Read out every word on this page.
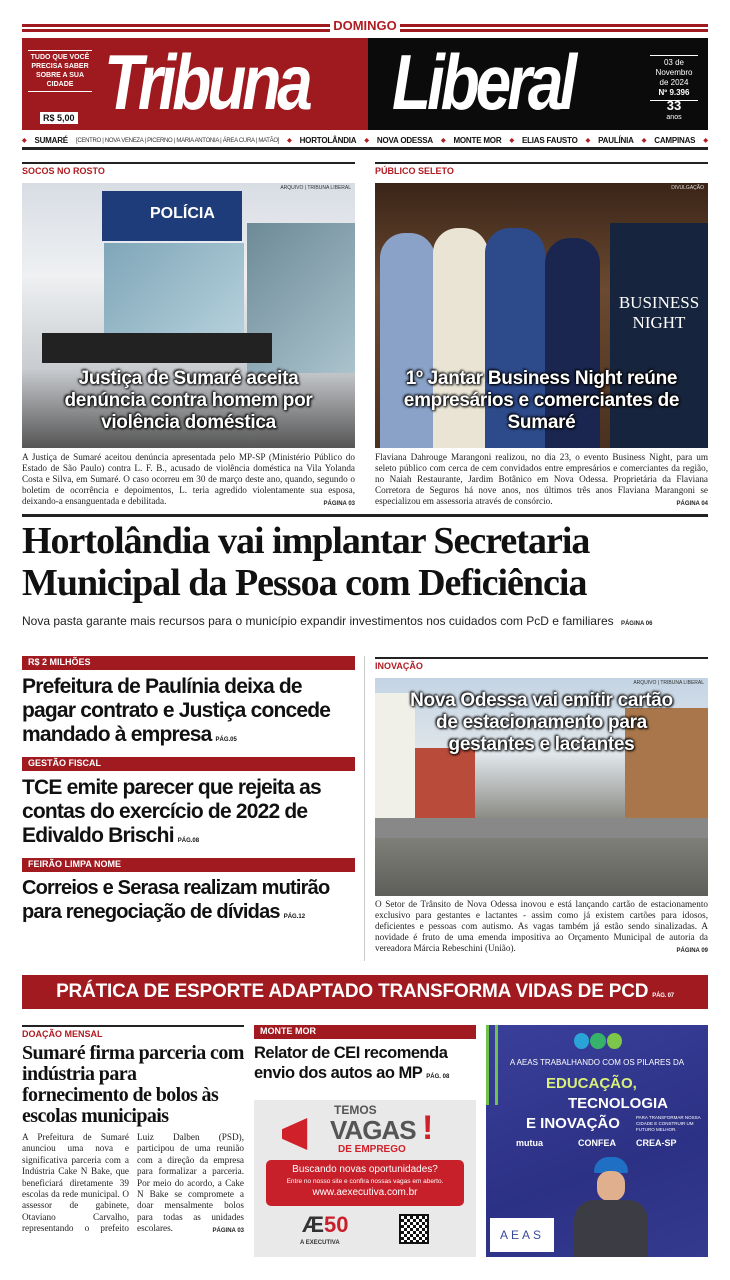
DOMINGO
Tribuna Liberal
TUDO QUE VOCÊ PRECISA SABER SOBRE A SUA CIDADE
R$ 5,00
03 de Novembro de 2024
Nº 9.396
33
anos
◆ SUMARÉ [CENTRO | NOVA VENEZA | PICERNO | MARIA ANTONIA | ÁREA CURA | MATÃO] ◆ HORTOLÂNDIA ◆ NOVA ODESSA ◆ MONTE MOR ◆ ELIAS FAUSTO ◆ PAULÍNIA ◆ CAMPINAS ◆
SOCOS NO ROSTO
POLÍCIA
ARQUIVO | TRIBUNA LIBERAL
Justiça de Sumaré aceita denúncia contra homem por violência doméstica
A Justiça de Sumaré aceitou denúncia apresentada pelo MP-SP (Ministério Público do Estado de São Paulo) contra L. F. B., acusado de violência doméstica na Vila Yolanda Costa e Silva, em Sumaré. O caso ocorreu em 30 de março deste ano, quando, segundo o boletim de ocorrência e depoimentos, L. teria agredido violentamente sua esposa, deixando-a ensanguentada e debilitada.	PÁGINA 03
PÚBLICO SELETO
BUSINESS NIGHT
DIVULGAÇÃO
1º Jantar Business Night reúne empresários e comerciantes de Sumaré
Flaviana Dahrouge Marangoni realizou, no dia 23, o evento Business Night, para um seleto público com cerca de cem convidados entre empresários e comerciantes da região, no Naiah Restaurante, Jardim Botânico em Nova Odessa. Proprietária da Flaviana Corretora de Seguros há nove anos, nos últimos três anos Flaviana Marangoni se especializou em assessoria através de consórcio.	PÁGINA 04
Hortolândia vai implantar Secretaria Municipal da Pessoa com Deficiência
Nova pasta garante mais recursos para o município expandir investimentos nos cuidados com PcD e familiares PÁGINA 06
R$ 2 MILHÕES
Prefeitura de Paulínia deixa de pagar contrato e Justiça concede mandado à empresa PÁG.05
GESTÃO FISCAL
TCE emite parecer que rejeita as contas do exercício de 2022 de Edivaldo Brischi PÁG.08
FEIRÃO LIMPA NOME
Correios e Serasa realizam mutirão para renegociação de dívidas PÁG.12
INOVAÇÃO
ARQUIVO | TRIBUNA LIBERAL
Nova Odessa vai emitir cartão de estacionamento para gestantes e lactantes
O Setor de Trânsito de Nova Odessa inovou e está lançando cartão de estacionamento exclusivo para gestantes e lactantes - assim como já existem cartões para idosos, deficientes e pessoas com autismo. As vagas também já estão sendo sinalizadas. A novidade é fruto de uma emenda impositiva ao Orçamento Municipal de autoria da vereadora Márcia Rebeschini (União).	PÁGINA 09
PRÁTICA DE ESPORTE ADAPTADO TRANSFORMA VIDAS DE PCD PÁG. 07
DOAÇÃO MENSAL
Sumaré firma parceria com indústria para fornecimento de bolos às escolas municipais
A Prefeitura de Sumaré anunciou uma nova e significativa parceria com a Indústria Cake N Bake, que beneficiará diretamente 39 escolas da rede municipal. O assessor de gabinete, Otaviano Carvalho, representando o prefeito Luiz Dalben (PSD), participou de uma reunião com a direção da empresa para formalizar a parceria. Por meio do acordo, a Cake N Bake se compromete a doar mensalmente bolos para todas as unidades escolares.	PÁGINA 03
MONTE MOR
Relator de CEI recomenda envio dos autos ao MP PÁG. 08
TEMOS
VAGAS !
DE EMPREGO
Buscando novas oportunidades?
Entre no nosso site e confira nossas vagas em aberto.
www.aexecutiva.com.br
Æ50
A EXECUTIVA
A AEAS TRABALHANDO COM OS PILARES DA
EDUCAÇÃO,
TECNOLOGIA
E INOVAÇÃO	PARA TRANSFORMAR NOSSA CIDADE E CONSTRUIR UM FUTURO MELHOR.
mutua	CONFEA CREA-SP
AEAS
